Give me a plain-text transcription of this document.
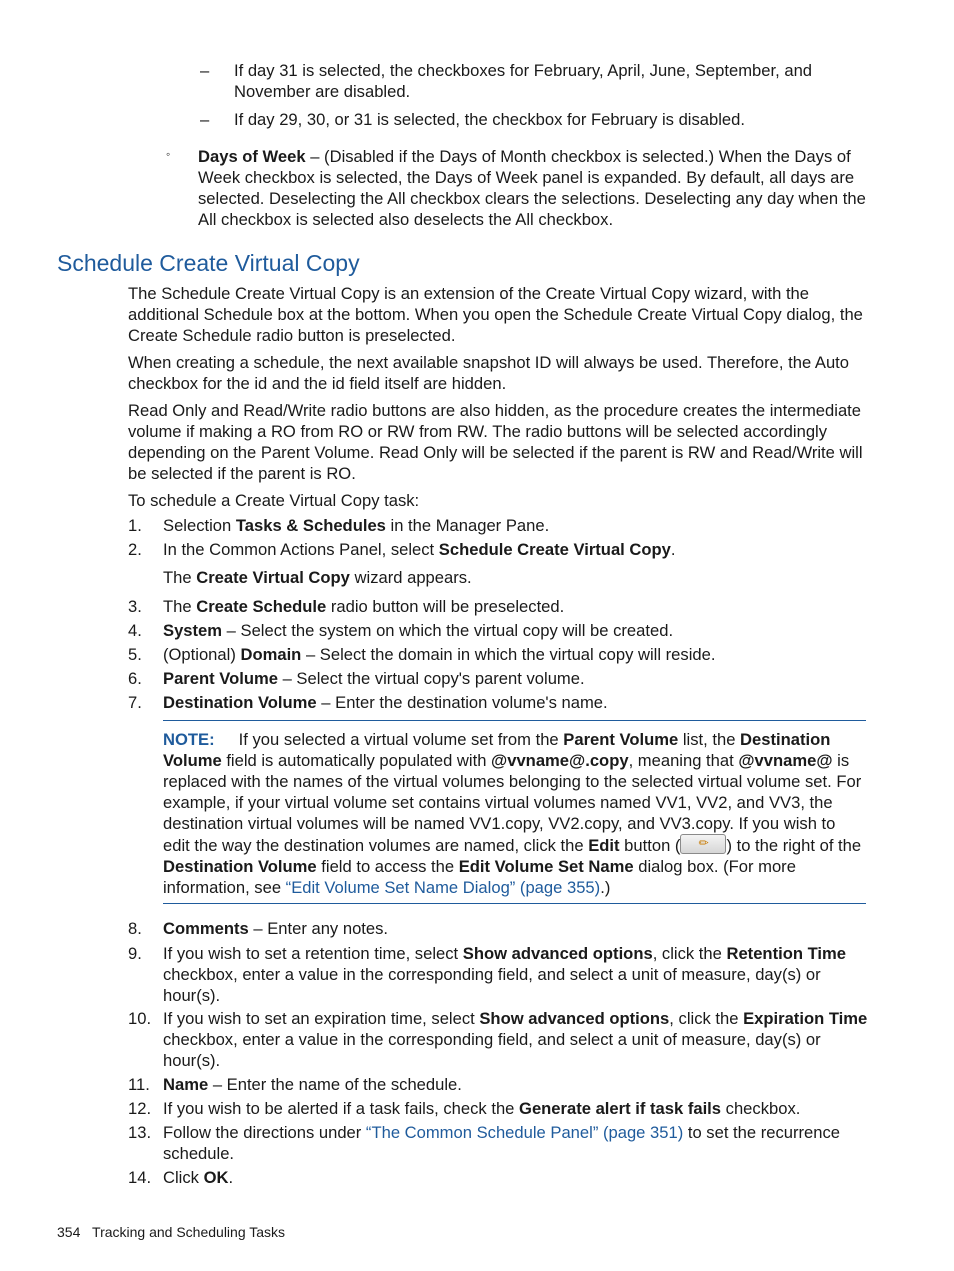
– If day 31 is selected, the checkboxes for February, April, June, September, and November are disabled.
– If day 29, 30, or 31 is selected, the checkbox for February is disabled.
◦ Days of Week – (Disabled if the Days of Month checkbox is selected.) When the Days of Week checkbox is selected, the Days of Week panel is expanded. By default, all days are selected. Deselecting the All checkbox clears the selections. Deselecting any day when the All checkbox is selected also deselects the All checkbox.
Schedule Create Virtual Copy
The Schedule Create Virtual Copy is an extension of the Create Virtual Copy wizard, with the additional Schedule box at the bottom. When you open the Schedule Create Virtual Copy dialog, the Create Schedule radio button is preselected.
When creating a schedule, the next available snapshot ID will always be used. Therefore, the Auto checkbox for the id and the id field itself are hidden.
Read Only and Read/Write radio buttons are also hidden, as the procedure creates the intermediate volume if making a RO from RO or RW from RW. The radio buttons will be selected accordingly depending on the Parent Volume. Read Only will be selected if the parent is RW and Read/Write will be selected if the parent is RO.
To schedule a Create Virtual Copy task:
1.	Selection Tasks & Schedules in the Manager Pane.
2.	In the Common Actions Panel, select Schedule Create Virtual Copy.
The Create Virtual Copy wizard appears.
3.	The Create Schedule radio button will be preselected.
4.	System – Select the system on which the virtual copy will be created.
5.	(Optional) Domain – Select the domain in which the virtual copy will reside.
6.	Parent Volume – Select the virtual copy's parent volume.
7.	Destination Volume – Enter the destination volume's name.
NOTE: If you selected a virtual volume set from the Parent Volume list, the Destination Volume field is automatically populated with @vvname@.copy, meaning that @vvname@ is replaced with the names of the virtual volumes belonging to the selected virtual volume set. For example, if your virtual volume set contains virtual volumes named VV1, VV2, and VV3, the destination virtual volumes will be named VV1.copy, VV2.copy, and VV3.copy. If you wish to edit the way the destination volumes are named, click the Edit button ( ✏ ) to the right of the Destination Volume field to access the Edit Volume Set Name dialog box. (For more information, see “Edit Volume Set Name Dialog” (page 355).)
8.	Comments – Enter any notes.
9.	If you wish to set a retention time, select Show advanced options, click the Retention Time checkbox, enter a value in the corresponding field, and select a unit of measure, day(s) or hour(s).
10. If you wish to set an expiration time, select Show advanced options, click the Expiration Time checkbox, enter a value in the corresponding field, and select a unit of measure, day(s) or hour(s).
11. Name – Enter the name of the schedule.
12. If you wish to be alerted if a task fails, check the Generate alert if task fails checkbox.
13. Follow the directions under “The Common Schedule Panel” (page 351) to set the recurrence schedule.
14. Click OK.
354 Tracking and Scheduling Tasks
